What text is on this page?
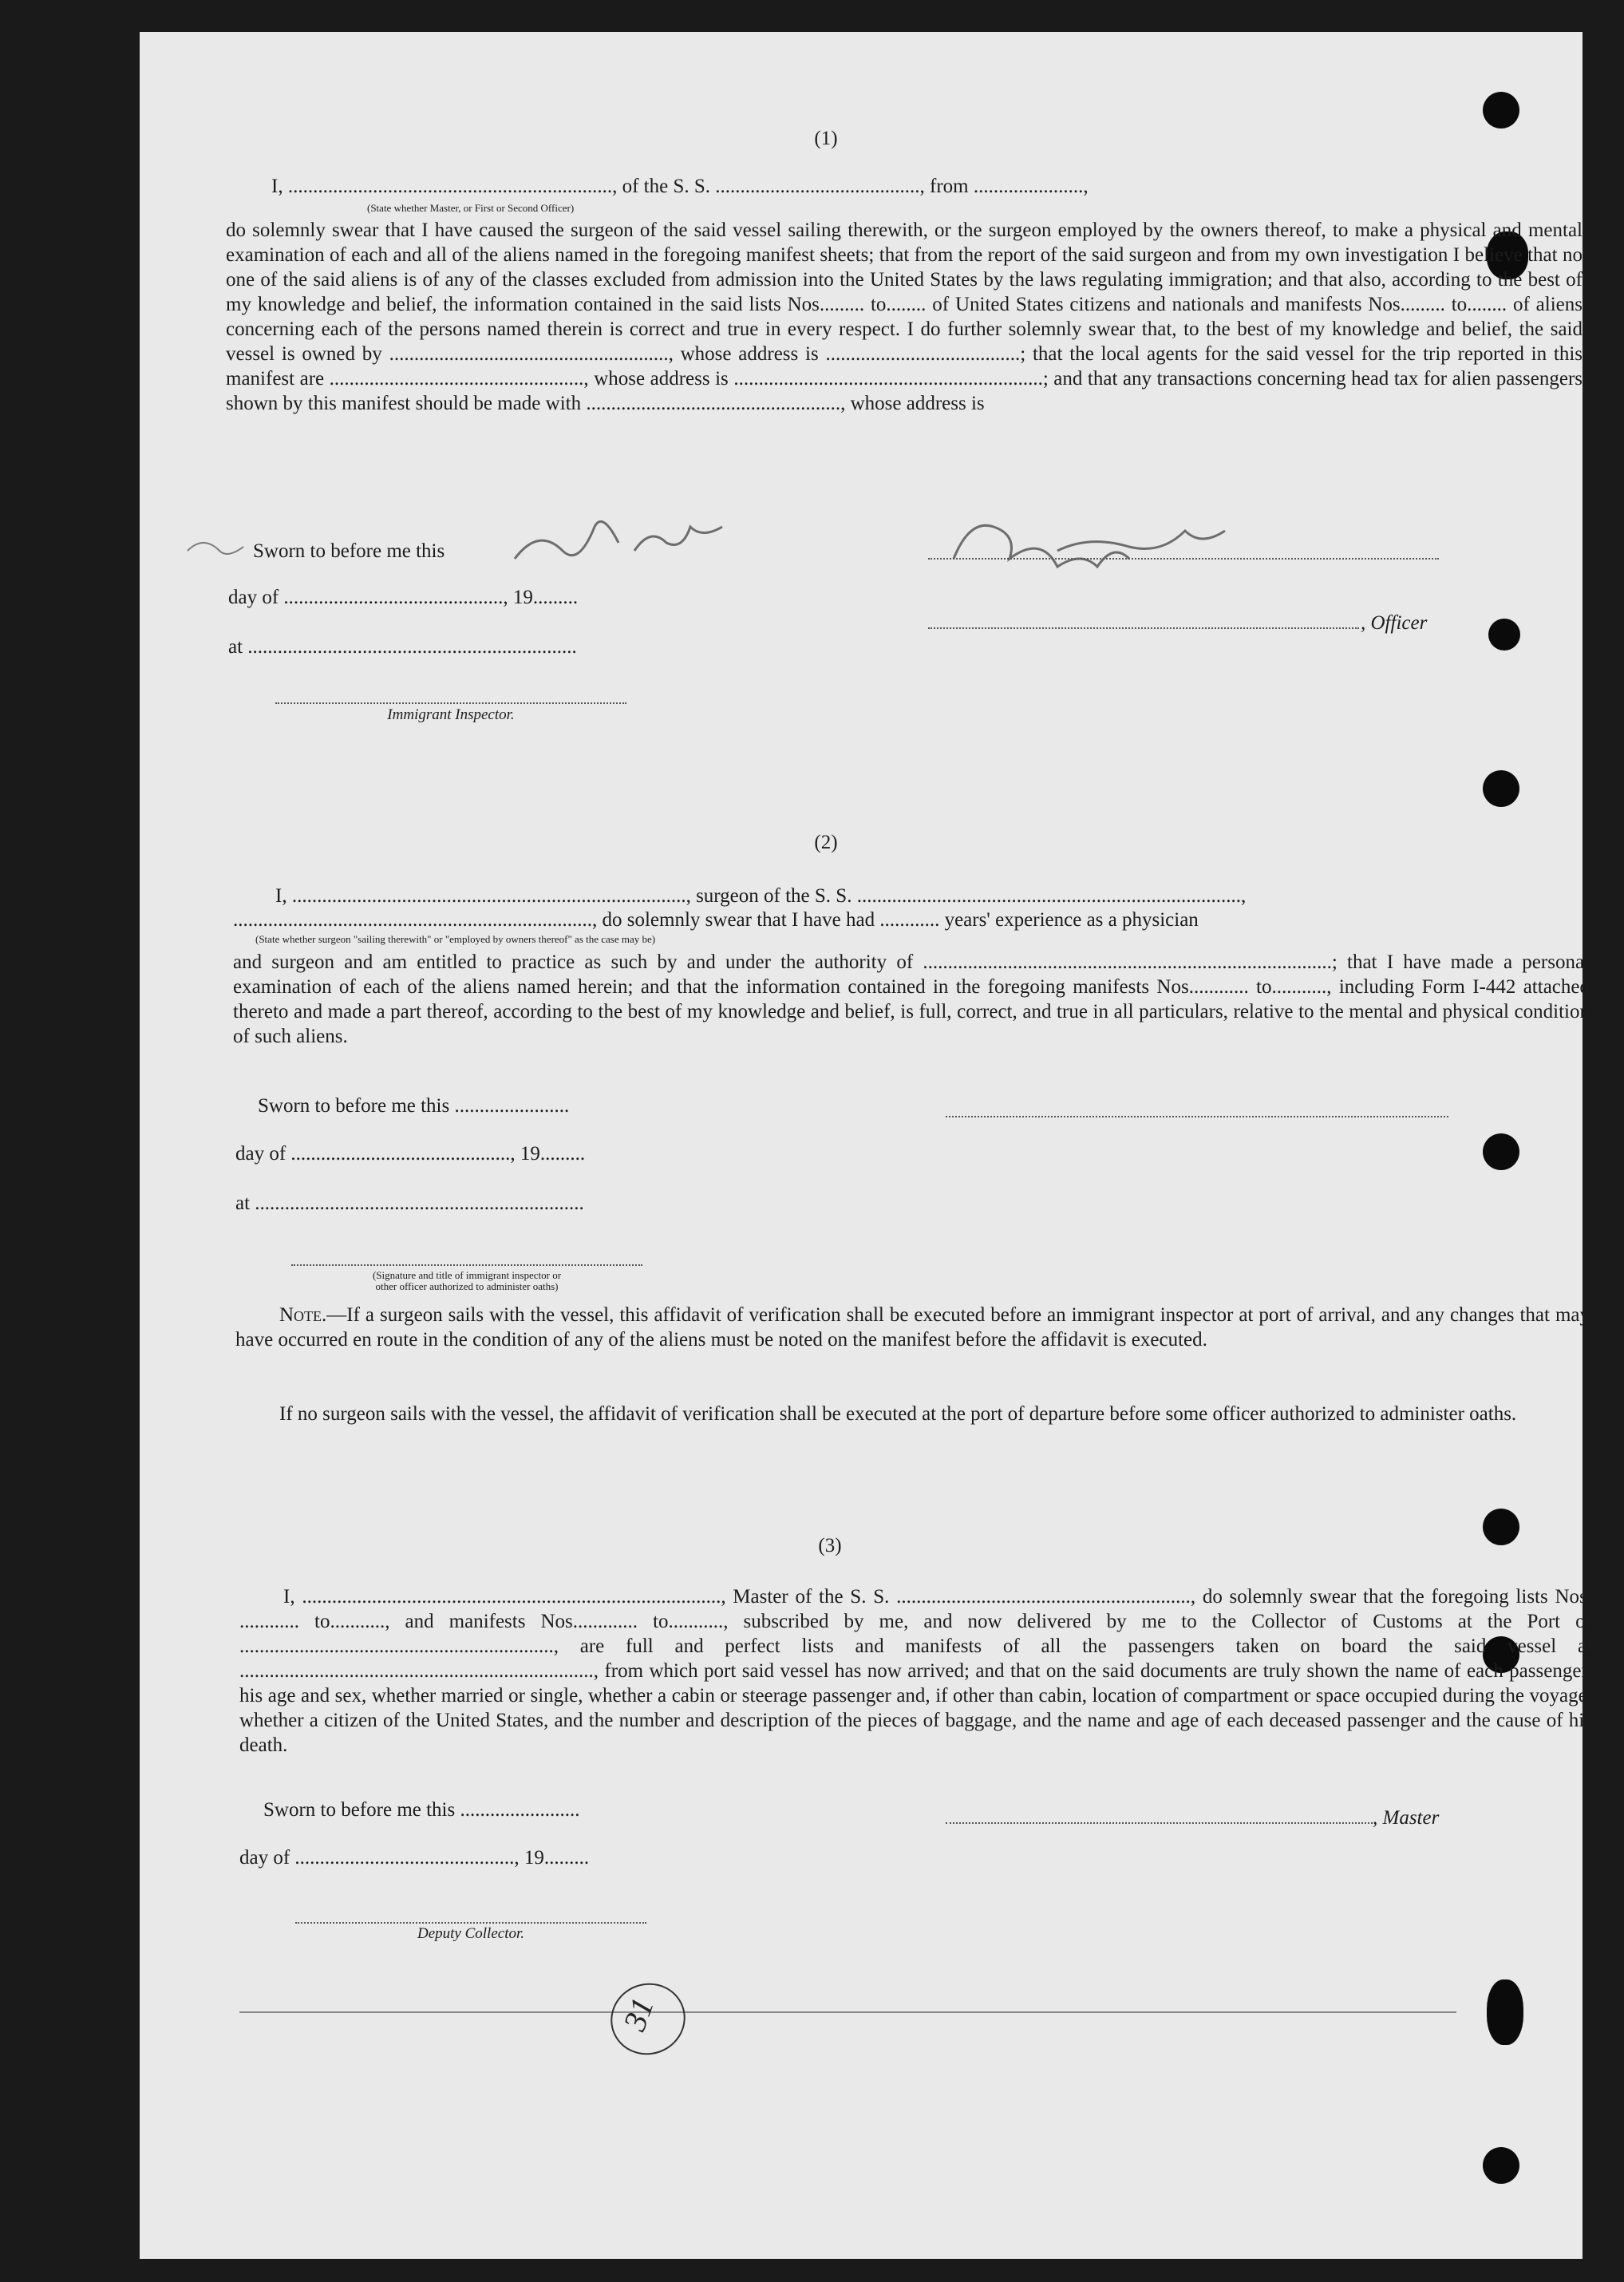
(1)
I, ................................................................., of the S. S. ........................................., from ......................,
(State whether Master, or First or Second Officer)
do solemnly swear that I have caused the surgeon of the said vessel sailing therewith, or the surgeon employed by the owners thereof, to make a physical and mental examination of each and all of the aliens named in the foregoing manifest sheets; that from the report of the said surgeon and from my own investigation I believe that no one of the said aliens is of any of the classes excluded from admission into the United States by the laws regulating immigration; and that also, according to the best of my knowledge and belief, the information contained in the said lists Nos......... to........ of United States citizens and nationals and manifests Nos......... to........ of aliens concerning each of the persons named therein is correct and true in every respect. I do further solemnly swear that, to the best of my knowledge and belief, the said vessel is owned by ........................................................, whose address is .......................................; that the local agents for the said vessel for the trip reported in this manifest are ..................................................., whose address is ..............................................................; and that any transactions concerning head tax for alien passengers shown by this manifest should be made with ..................................................., whose address is
Sworn to before me this
day of ............................................, 19.........
, Officer
at ..................................................................
Immigrant Inspector.
(2)
I, ..............................................................................., surgeon of the S. S. .............................................................................,
........................................................................, do solemnly swear that I have had ............ years' experience as a physician
(State whether surgeon "sailing therewith" or "employed by owners thereof" as the case may be)
and surgeon and am entitled to practice as such by and under the authority of ..................................................................................; that I have made a personal examination of each of the aliens named herein; and that the information contained in the foregoing manifests Nos............ to..........., including Form I-442 attached thereto and made a part thereof, according to the best of my knowledge and belief, is full, correct, and true in all particulars, relative to the mental and physical condition of such aliens.
Sworn to before me this .......................
day of ............................................, 19.........
at ..................................................................
(Signature and title of immigrant inspector or
other officer authorized to administer oaths)
Note.—If a surgeon sails with the vessel, this affidavit of verification shall be executed before an immigrant inspector at port of arrival, and any changes that may have occurred en route in the condition of any of the aliens must be noted on the manifest before the affidavit is executed.
If no surgeon sails with the vessel, the affidavit of verification shall be executed at the port of departure before some officer authorized to administer oaths.
(3)
I, ...................................................................................., Master of the S. S. ..........................................................., do solemnly swear that the foregoing lists Nos. ............ to..........., and manifests Nos............. to..........., subscribed by me, and now delivered by me to the Collector of Customs at the Port of ..............................................................., are full and perfect lists and manifests of all the passengers taken on board the said vessel at ......................................................................., from which port said vessel has now arrived; and that on the said documents are truly shown the name of each passenger, his age and sex, whether married or single, whether a cabin or steerage passenger and, if other than cabin, location of compartment or space occupied during the voyage, whether a citizen of the United States, and the number and description of the pieces of baggage, and the name and age of each deceased passenger and the cause of his death.
Sworn to before me this ........................	, Master
day of ............................................, 19.........
Deputy Collector.
31
